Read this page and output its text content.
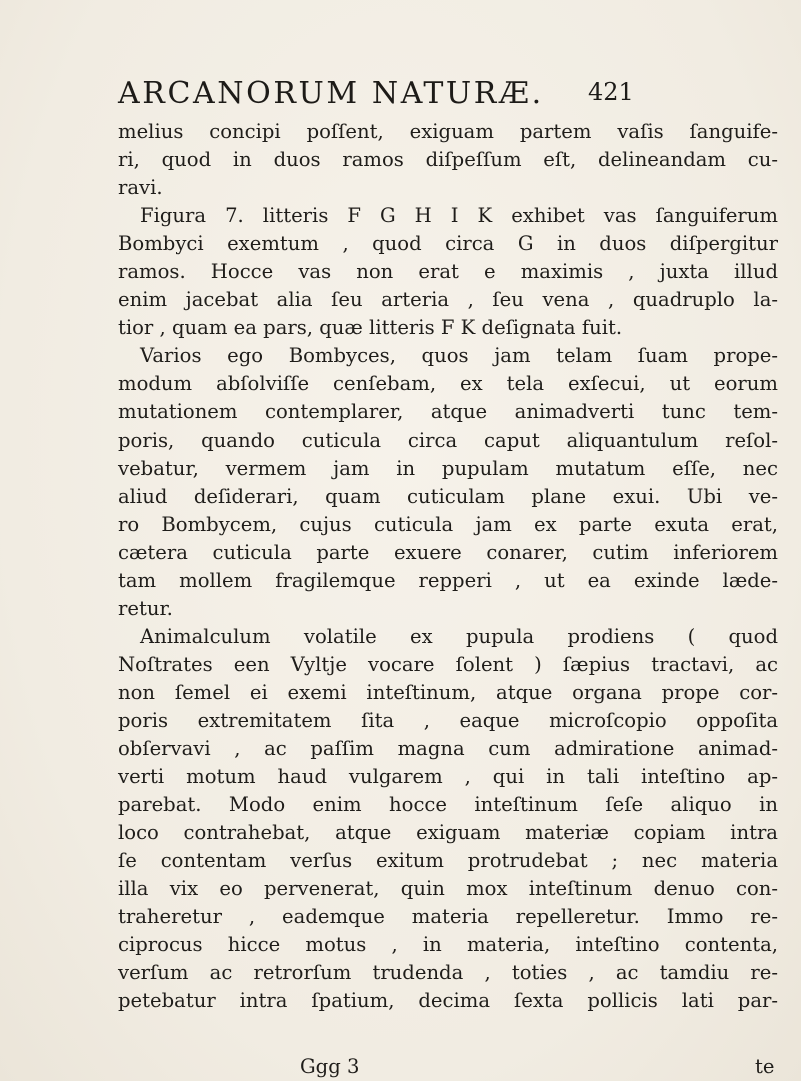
ARCANORUM NATURÆ. 421
melius concipi poſſent, exiguam partem vaſis ſanguife-
ri, quod in duos ramos diſpeſſum eſt, delineandam cu-
ravi.
Figura 7. litteris F G H I K exhibet vas ſanguiferum
Bombyci exemtum , quod circa G in duos diſpergitur
ramos. Hocce vas non erat e maximis , juxta illud
enim jacebat alia ſeu arteria , ſeu vena , quadruplo la-
tior , quam ea pars, quæ litteris F K deſignata fuit.
Varios ego Bombyces, quos jam telam ſuam prope-
modum abſolviſſe cenſebam, ex tela exſecui, ut eorum
mutationem contemplarer, atque animadverti tunc tem-
poris, quando cuticula circa caput aliquantulum reſol-
vebatur, vermem jam in pupulam mutatum eſſe, nec
aliud deſiderari, quam cuticulam plane exui. Ubi ve-
ro Bombycem, cujus cuticula jam ex parte exuta erat,
cætera cuticula parte exuere conarer, cutim inferiorem
tam mollem fragilemque repperi , ut ea exinde læde-
retur.
Animalculum volatile ex pupula prodiens ( quod
Noſtrates een Vyltje vocare ſolent ) ſæpius tractavi, ac
non ſemel ei exemi inteſtinum, atque organa prope cor-
poris extremitatem ſita , eaque microſcopio oppoſita
obſervavi , ac paſſim magna cum admiratione animad-
verti motum haud vulgarem , qui in tali inteſtino ap-
parebat. Modo enim hocce inteſtinum ſeſe aliquo in
loco contrahebat, atque exiguam materiæ copiam intra
ſe contentam verſus exitum protrudebat ; nec materia
illa vix eo pervenerat, quin mox inteſtinum denuo con-
traheretur , eademque materia repelleretur. Immo re-
ciprocus hicce motus , in materia, inteſtino contenta,
verſum ac retrorſum trudenda , toties , ac tamdiu re-
petebatur intra ſpatium, decima ſexta pollicis lati par-
Ggg 3	te
